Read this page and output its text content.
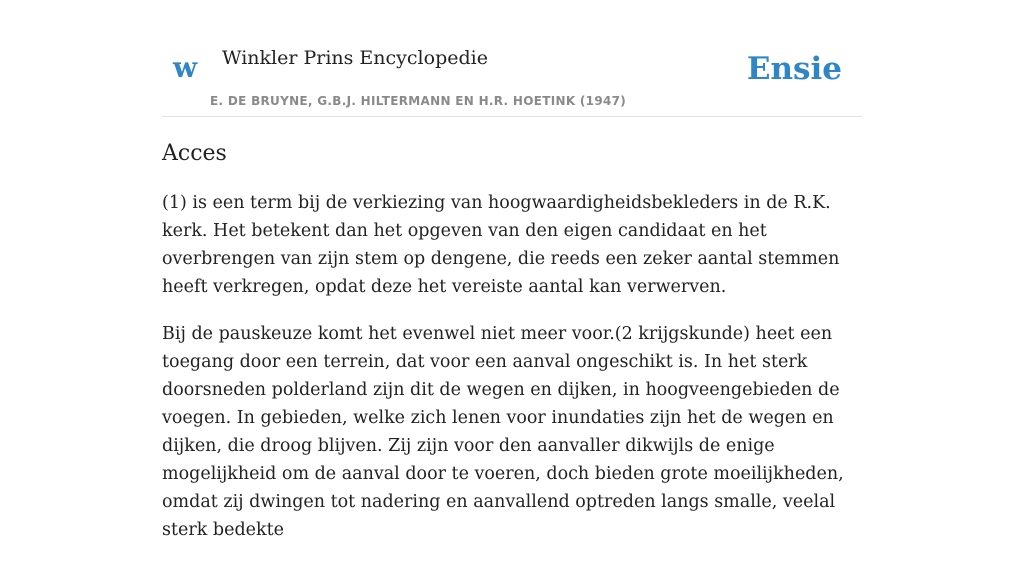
w Winkler Prins Encyclopedie
E. DE BRUYNE, G.B.J. HILTERMANN EN H.R. HOETINK (1947)
Ensie
Acces

(1) is een term bij de verkiezing van hoogwaardigheidsbekleders in de R.K. kerk. Het betekent dan het opgeven van den eigen candidaat en het overbrengen van zijn stem op dengene, die reeds een zeker aantal stemmen heeft verkregen, opdat deze het vereiste aantal kan verwerven.

Bij de pauskeuze komt het evenwel niet meer voor.(2 krijgskunde) heet een toegang door een terrein, dat voor een aanval ongeschikt is. In het sterk doorsneden polderland zijn dit de wegen en dijken, in hoogveengebieden de voegen. In gebieden, welke zich lenen voor inundaties zijn het de wegen en dijken, die droog blijven. Zij zijn voor den aanvaller dikwijls de enige mogelijkheid om de aanval door te voeren, doch bieden grote moeilijkheden, omdat zij dwingen tot nadering en aanvallend optreden langs smalle, veelal sterk bedekte
